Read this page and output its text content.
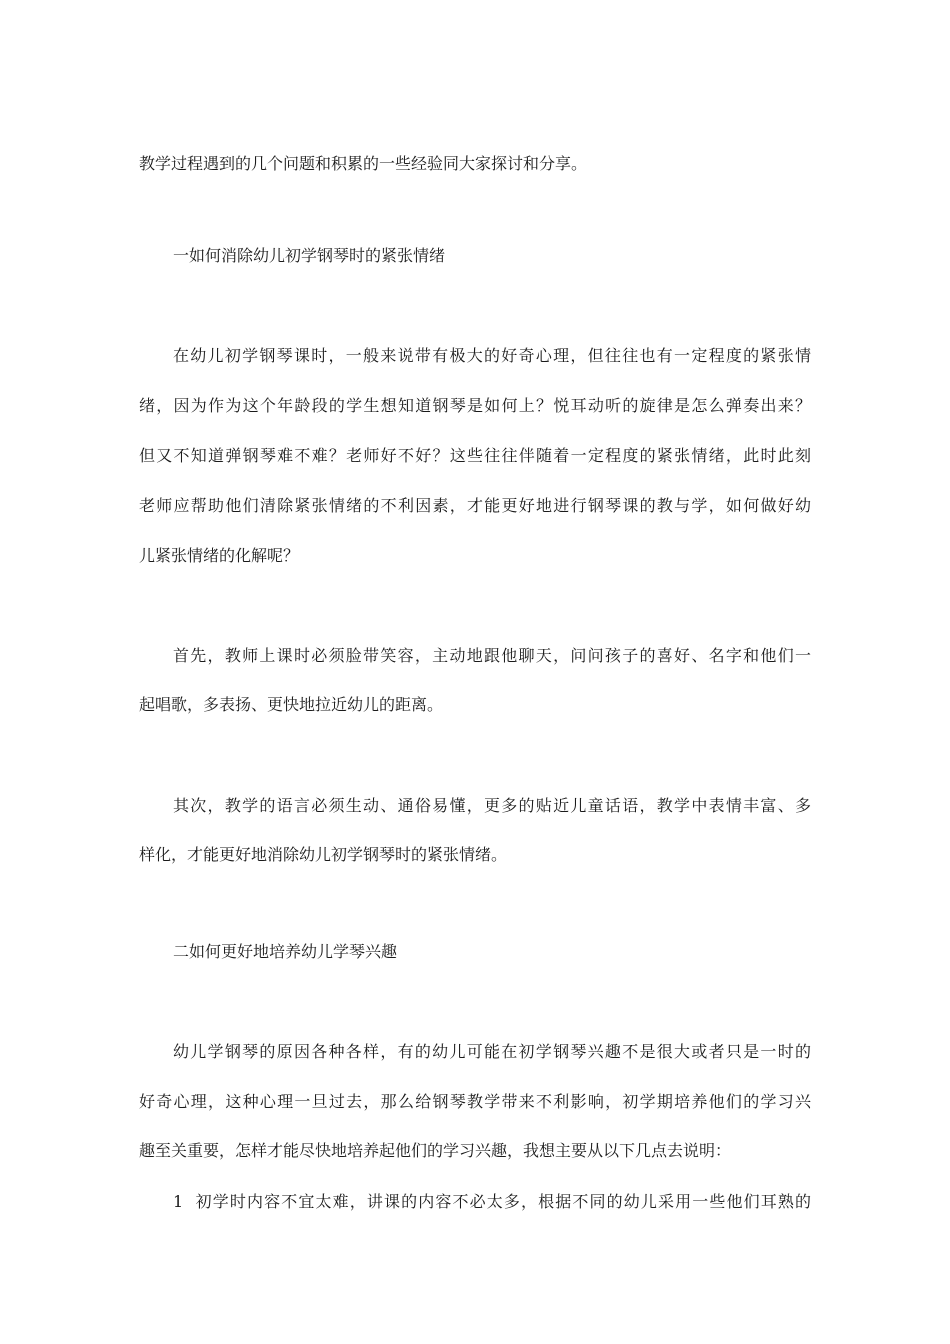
教学过程遇到的几个问题和积累的一些经验同大家探讨和分享。
一如何消除幼儿初学钢琴时的紧张情绪
在幼儿初学钢琴课时，一般来说带有极大的好奇心理，但往往也有一定程度的紧张情
绪，因为作为这个年龄段的学生想知道钢琴是如何上？悦耳动听的旋律是怎么弹奏出来？
但又不知道弹钢琴难不难？老师好不好？这些往往伴随着一定程度的紧张情绪，此时此刻
老师应帮助他们清除紧张情绪的不利因素，才能更好地进行钢琴课的教与学，如何做好幼
儿紧张情绪的化解呢？
首先，教师上课时必须脸带笑容，主动地跟他聊天，问问孩子的喜好、名字和他们一
起唱歌，多表扬、更快地拉近幼儿的距离。
其次，教学的语言必须生动、通俗易懂，更多的贴近儿童话语，教学中表情丰富、多
样化，才能更好地消除幼儿初学钢琴时的紧张情绪。
二如何更好地培养幼儿学琴兴趣
幼儿学钢琴的原因各种各样，有的幼儿可能在初学钢琴兴趣不是很大或者只是一时的
好奇心理，这种心理一旦过去，那么给钢琴教学带来不利影响，初学期培养他们的学习兴
趣至关重要，怎样才能尽快地培养起他们的学习兴趣，我想主要从以下几点去说明：
1  初学时内容不宜太难，讲课的内容不必太多，根据不同的幼儿采用一些他们耳熟的
